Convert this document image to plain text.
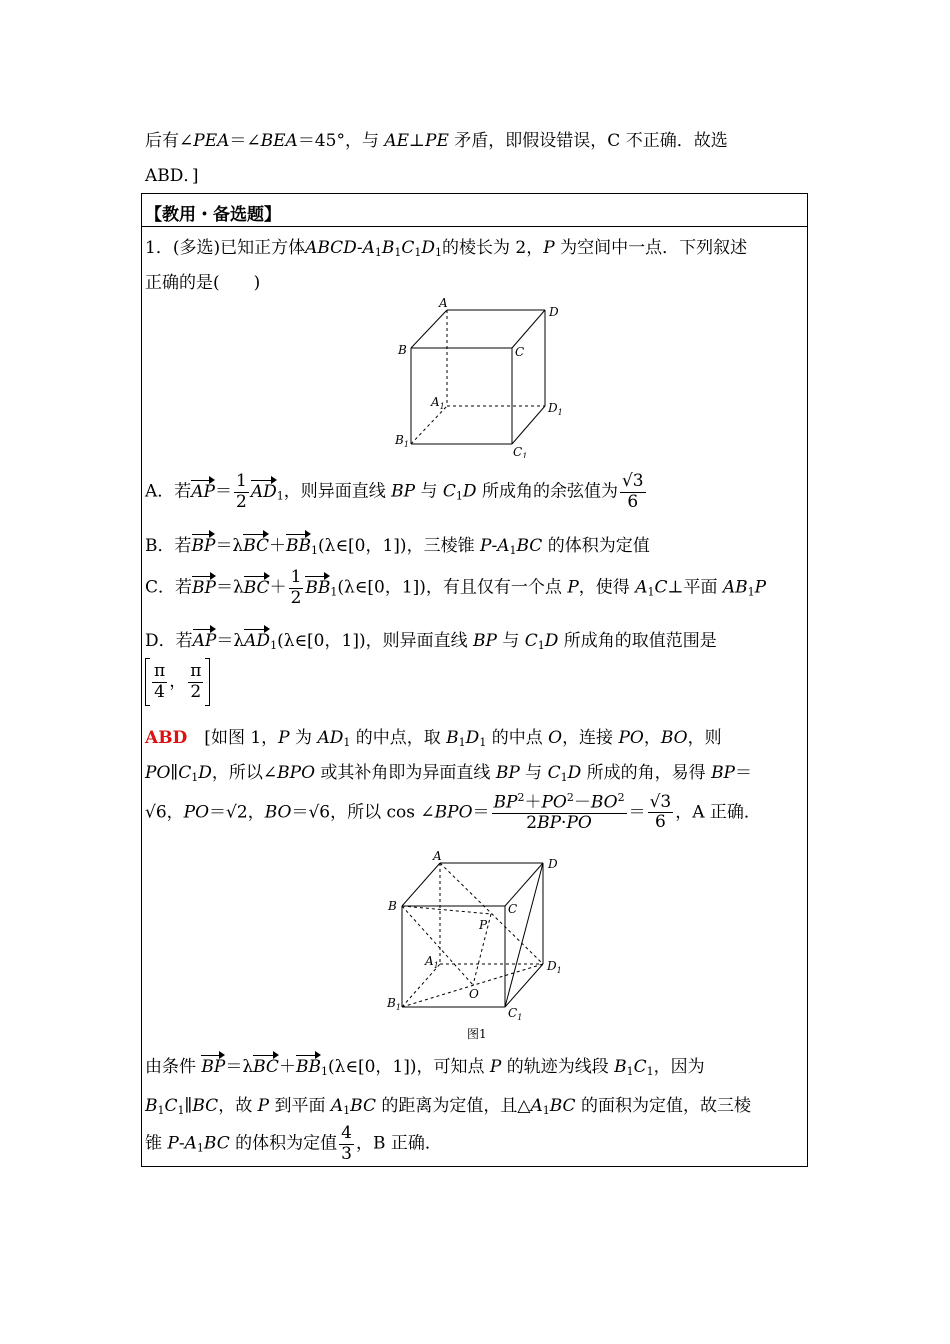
后有∠PEA＝∠BEA＝45°，与 AE⊥PE 矛盾，即假设错误，C 不正确．故选
ABD．]
【教用・备选题】
1．(多选)已知正方体ABCD-$A_1B_1C_1D_1$的棱长为 2，P 为空间中一点．下列叙述
正确的是(　　)
A
D
B	C
$A_1$	$D_1$
$B_1$
$C_1$
A．若$AP= \frac{1}{2} AD_1$，则异面直线 BP 与 $C_1D$ 所成角的余弦值为 $\frac{√3}{6}$
B．若$BP=\lambda BC+BB_1(\lambda\in[0$，1])，三棱锥 $P-A_1BC$ 的体积为定值
C．若$BP=\lambda BC+ \frac{1}{2}$ $BB_1(\lambda\in[0$，1])，有且仅有一个点 P，使得 $A_1C\perp$平面 $AB_1P$
D．若AP＝λAD$_1$(λ∈[0，1])，则异面直线 BP 与 $C_1D$ 所成角的取值范围是
$\frac{\pi}{4}$ ， $\frac{\pi}{2}$
ABD　[如图 1，P 为 $AD_1$ 的中点，取 $B_1D_1$ 的中点 O，连接 PO，BO，则
$PO\parallel C_1D$，所以∠BPO 或其补角即为异面直线 BP 与 $C_1D$ 所成的角，易得 BP＝
√6，PO＝√2，BO＝√6，所以 cos ∠BPO＝ $\frac{BP^2+PO^2-BO^2}{2BP\cdot PO} = \frac{√3}{6}$ ，A 正确．
A
D
B	C
P
$A_1$	$D_1$
O
$B_1$	$C_1$
图1
由条件 $BP=\lambda BC+BB_1(\lambda\in[0$，1])，可知点 P 的轨迹为线段 $B_1C_1$，因为
$B_1C_1\parallel BC$，故 P 到平面 $A_1BC$ 的距离为定值，且$\triangle A_1BC$ 的面积为定值，故三棱
锥 $P-A_1BC$ 的体积为定值 $\frac{4}{3}$ ，B 正确．
